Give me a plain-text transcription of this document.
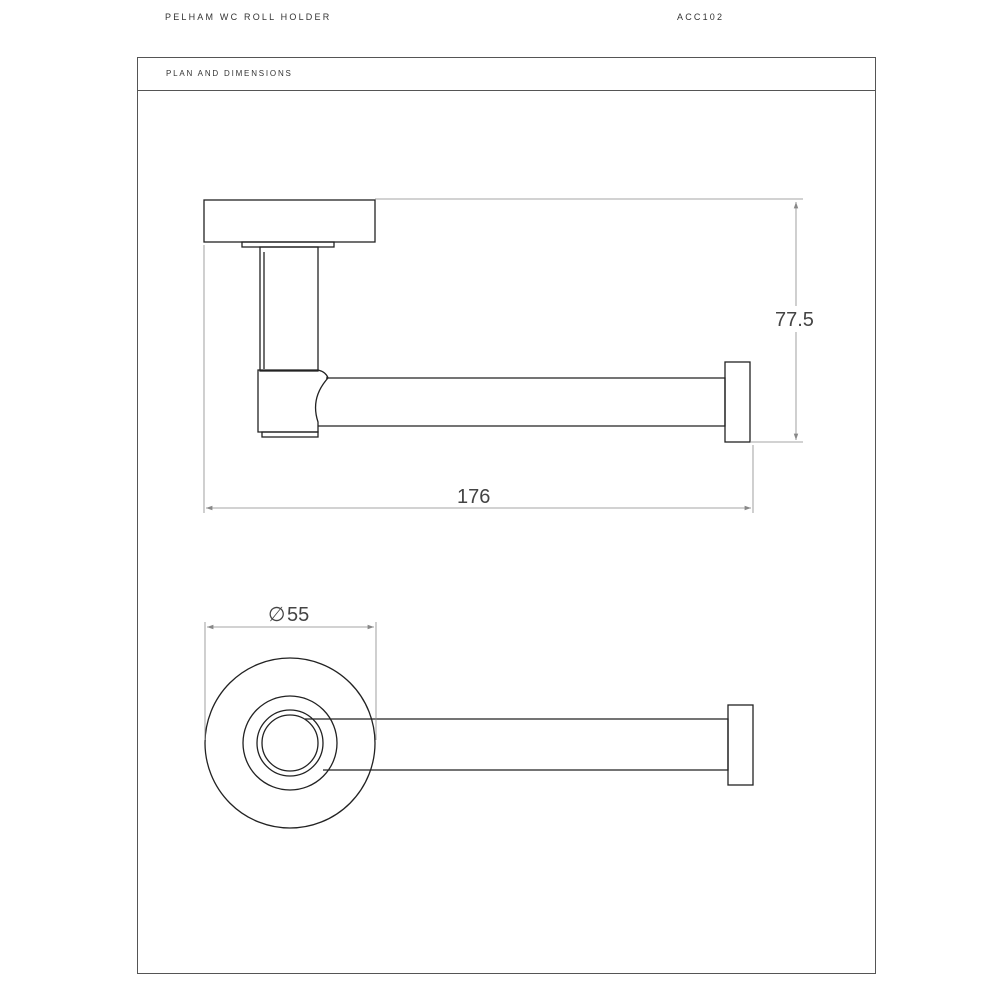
PELHAM WC ROLL HOLDER	ACC102
PLAN AND DIMENSIONS
77.5
176
∅ 55
